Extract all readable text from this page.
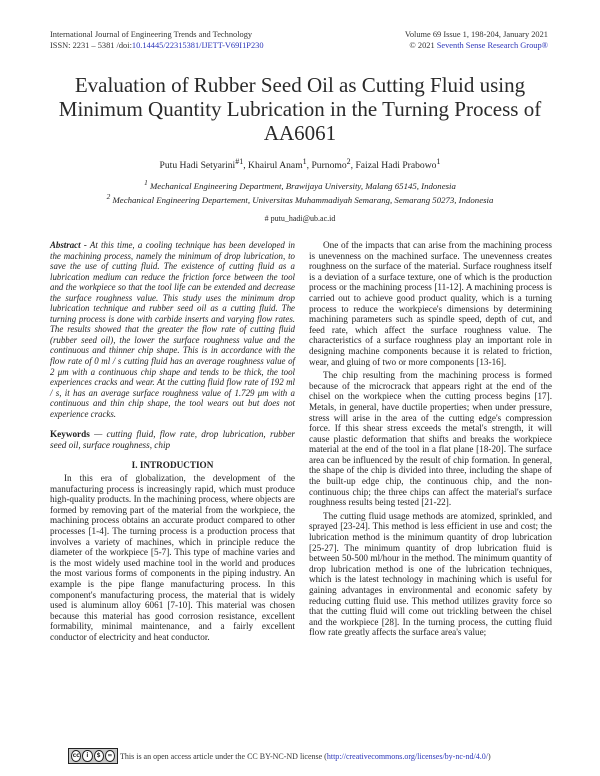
International Journal of Engineering Trends and Technology
ISSN: 2231 – 5381 /doi:10.14445/22315381/IJETT-V69I1P230
Volume 69 Issue 1, 198-204, January 2021
© 2021 Seventh Sense Research Group®
Evaluation of Rubber Seed Oil as Cutting Fluid using Minimum Quantity Lubrication in the Turning Process of AA6061
Putu Hadi Setyarini$^{\#1}$, Khairul Anam$^1$, Purnomo$^2$, Faizal Hadi Prabowo$^1$
$^1$ Mechanical Engineering Department, Brawijaya University, Malang 65145, Indonesia
$^2$ Mechanical Engineering Departement, Universitas Muhammadiyah Semarang, Semarang 50273, Indonesia
# putu_hadi@ub.ac.id
Abstract - At this time, a cooling technique has been developed in the machining process, namely the minimum of drop lubrication, to save the use of cutting fluid. The existence of cutting fluid as a lubrication medium can reduce the friction force between the tool and the workpiece so that the tool life can be extended and decrease the surface roughness value. This study uses the minimum drop lubrication technique and rubber seed oil as a cutting fluid. The turning process is done with carbide inserts and varying flow rates. The results showed that the greater the flow rate of cutting fluid (rubber seed oil), the lower the surface roughness value and the continuous and thinner chip shape. This is in accordance with the flow rate of 0 ml / s cutting fluid has an average roughness value of 2 μm with a continuous chip shape and tends to be thick, the tool experiences cracks and wear. At the cutting fluid flow rate of 192 ml / s, it has an average surface roughness value of 1.729 μm with a continuous and thin chip shape, the tool wears out but does not experience cracks.
Keywords — cutting fluid, flow rate, drop lubrication, rubber seed oil, surface roughness, chip
I. INTRODUCTION
In this era of globalization, the development of the manufacturing process is increasingly rapid, which must produce high-quality products. In the machining process, where objects are formed by removing part of the material from the workpiece, the machining process obtains an accurate product compared to other processes [1-4]. The turning process is a production process that involves a variety of machines, which in principle reduce the diameter of the workpiece [5-7]. This type of machine varies and is the most widely used machine tool in the world and produces the most various forms of components in the piping industry. An example is the pipe flange manufacturing process. In this component's manufacturing process, the material that is widely used is aluminum alloy 6061 [7-10]. This material was chosen because this material has good corrosion resistance, excellent formability, minimal maintenance, and a fairly excellent conductor of electricity and heat conductor.
One of the impacts that can arise from the machining process is unevenness on the machined surface. The unevenness creates roughness on the surface of the material. Surface roughness itself is a deviation of a surface texture, one of which is the production process or the machining process [11-12]. A machining process is carried out to achieve good product quality, which is a turning process to reduce the workpiece's dimensions by determining machining parameters such as spindle speed, depth of cut, and feed rate, which affect the surface roughness value. The characteristics of a surface roughness play an important role in designing machine components because it is related to friction, wear, and gluing of two or more components [13-16].
The chip resulting from the machining process is formed because of the microcrack that appears right at the end of the chisel on the workpiece when the cutting process begins [17]. Metals, in general, have ductile properties; when under pressure, stress will arise in the area of the cutting edge's compression force. If this shear stress exceeds the metal's strength, it will cause plastic deformation that shifts and breaks the workpiece material at the end of the tool in a flat plane [18-20]. The surface area can be influenced by the result of chip formation. In general, the shape of the chip is divided into three, including the shape of the built-up edge chip, the continuous chip, and the non-continuous chip; the three chips can affect the material's surface roughness results being tested [21-22].
The cutting fluid usage methods are atomized, sprinkled, and sprayed [23-24]. This method is less efficient in use and cost; the lubrication method is the minimum quantity of drop lubrication [25-27]. The minimum quantity of drop lubrication fluid is between 50-500 ml/hour in the method. The minimum quantity of drop lubrication method is one of the lubrication techniques, which is the latest technology in machining which is useful for gaining advantages in environmental and economic safety by reducing cutting fluid use. This method utilizes gravity force so that the cutting fluid will come out trickling between the chisel and the workpiece [28]. In the turning process, the cutting fluid flow rate greatly affects the surface area's value;
cc	i	$	= This is an open access article under the CC BY-NC-ND license (http://creativecommons.org/licenses/by-nc-nd/4.0/)
